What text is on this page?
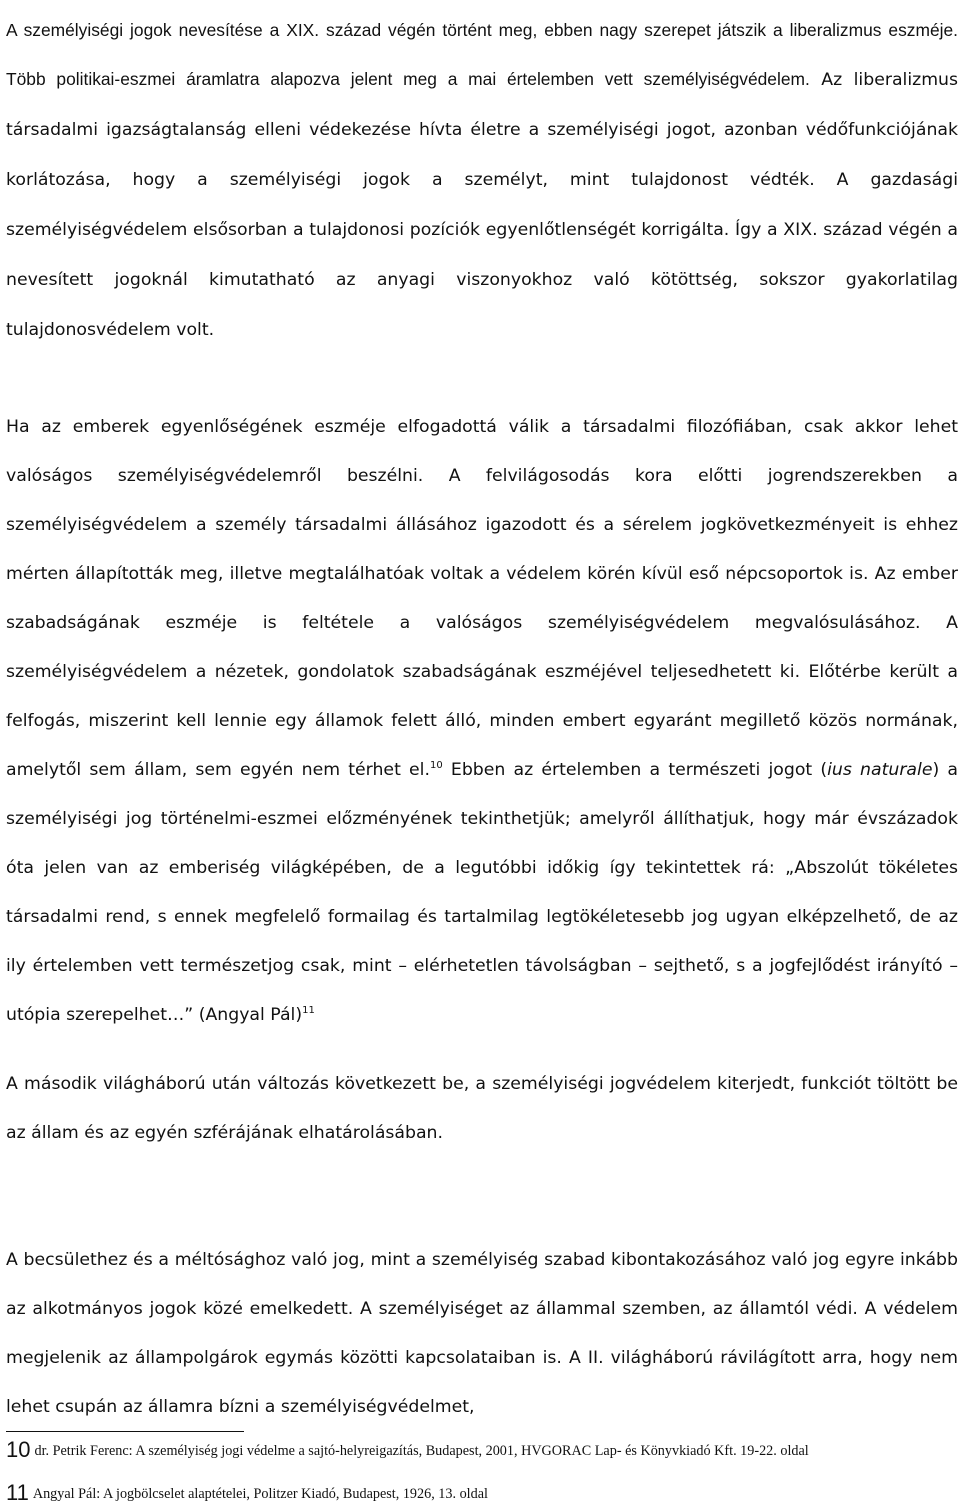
A személyiségi jogok nevesítése a XIX. század végén történt meg, ebben nagy szerepet játszik a liberalizmus eszméje. Több politikai-eszmei áramlatra alapozva jelent meg a mai értelemben vett személyiségvédelem. Az liberalizmus társadalmi igazságtalanság elleni védekezése hívta életre a személyiségi jogot, azonban védőfunkciójának korlátozása, hogy a személyiségi jogok a személyt, mint tulajdonost védték. A gazdasági személyiségvédelem elsősorban a tulajdonosi pozíciók egyenlőtlenségét korrigálta. Így a XIX. század végén a nevesített jogoknál kimutatható az anyagi viszonyokhoz való kötöttség, sokszor gyakorlatilag tulajdonosvédelem volt.

Ha az emberek egyenlőségének eszméje elfogadottá válik a társadalmi filozófiában, csak akkor lehet valóságos személyiségvédelemről beszélni. A felvilágosodás kora előtti jogrendszerekben a személyiségvédelem a személy társadalmi állásához igazodott és a sérelem jogkövetkezményeit is ehhez mérten állapították meg, illetve megtalálhatóak voltak a védelem körén kívül eső népcsoportok is. Az ember szabadságának eszméje is feltétele a valóságos személyiségvédelem megvalósulásához. A személyiségvédelem a nézetek, gondolatok szabadságának eszméjével teljesedhetett ki. Előtérbe került a felfogás, miszerint kell lennie egy államok felett álló, minden embert egyaránt megillető közös normának, amelytől sem állam, sem egyén nem térhet el.$^{10}$ Ebben az értelemben a természeti jogot (ius naturale) a személyiségi jog történelmi-eszmei előzményének tekinthetjük; amelyről állíthatjuk, hogy már évszázadok óta jelen van az emberiség világképében, de a legutóbbi időkig így tekintettek rá: „Abszolút tökéletes társadalmi rend, s ennek megfelelő formailag és tartalmilag legtökéletesebb jog ugyan elképzelhető, de az ily értelemben vett természetjog csak, mint – elérhetetlen távolságban – sejthető, s a jogfejlődést irányító – utópia szerepelhet…” (Angyal Pál)$^{11}$

A második világháború után változás következett be, a személyiségi jogvédelem kiterjedt, funkciót töltött be az állam és az egyén szférájának elhatárolásában.

A becsülethez és a méltósághoz való jog, mint a személyiség szabad kibontakozásához való jog egyre inkább az alkotmányos jogok közé emelkedett. A személyiséget az állammal szemben, az államtól védi. A védelem megjelenik az állampolgárok egymás közötti kapcsolataiban is. A II. világháború rávilágított arra, hogy nem lehet csupán az államra bízni a személyiségvédelmet,

10 dr. Petrik Ferenc: A személyiség jogi védelme a sajtó-helyreigazítás, Budapest, 2001, HVGORAC Lap- és Könyvkiadó Kft. 19-22. oldal

11 Angyal Pál: A jogbölcselet alaptételei, Politzer Kiadó, Budapest, 1926, 13. oldal
